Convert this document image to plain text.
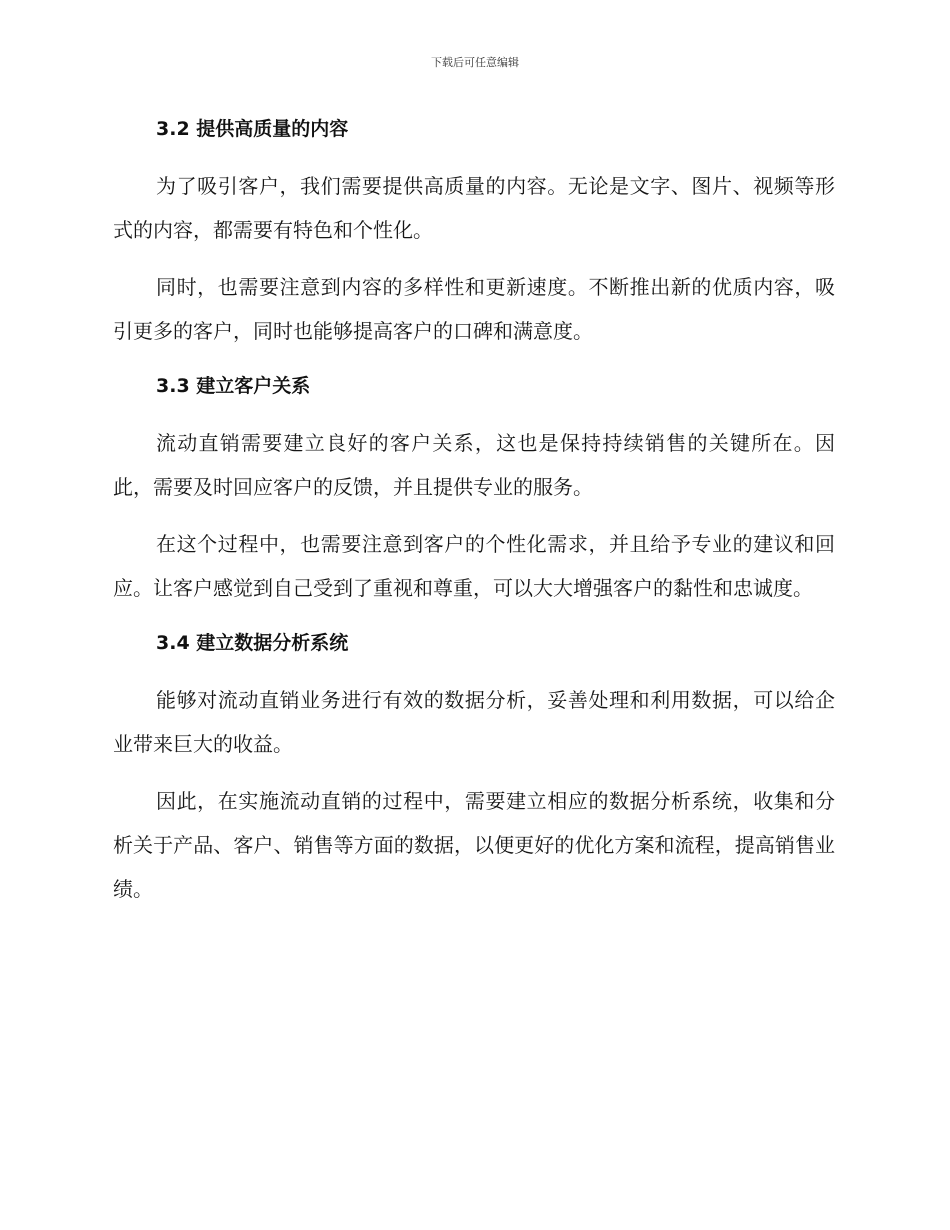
下载后可任意编辑
3.2 提供高质量的内容

为了吸引客户，我们需要提供高质量的内容。无论是文字、图片、视频等形式的内容，都需要有特色和个性化。

同时，也需要注意到内容的多样性和更新速度。不断推出新的优质内容，吸引更多的客户，同时也能够提高客户的口碑和满意度。

3.3 建立客户关系

流动直销需要建立良好的客户关系，这也是保持持续销售的关键所在。因此，需要及时回应客户的反馈，并且提供专业的服务。

在这个过程中，也需要注意到客户的个性化需求，并且给予专业的建议和回应。让客户感觉到自己受到了重视和尊重，可以大大增强客户的黏性和忠诚度。

3.4 建立数据分析系统

能够对流动直销业务进行有效的数据分析，妥善处理和利用数据，可以给企业带来巨大的收益。

因此，在实施流动直销的过程中，需要建立相应的数据分析系统，收集和分析关于产品、客户、销售等方面的数据，以便更好的优化方案和流程，提高销售业绩。
